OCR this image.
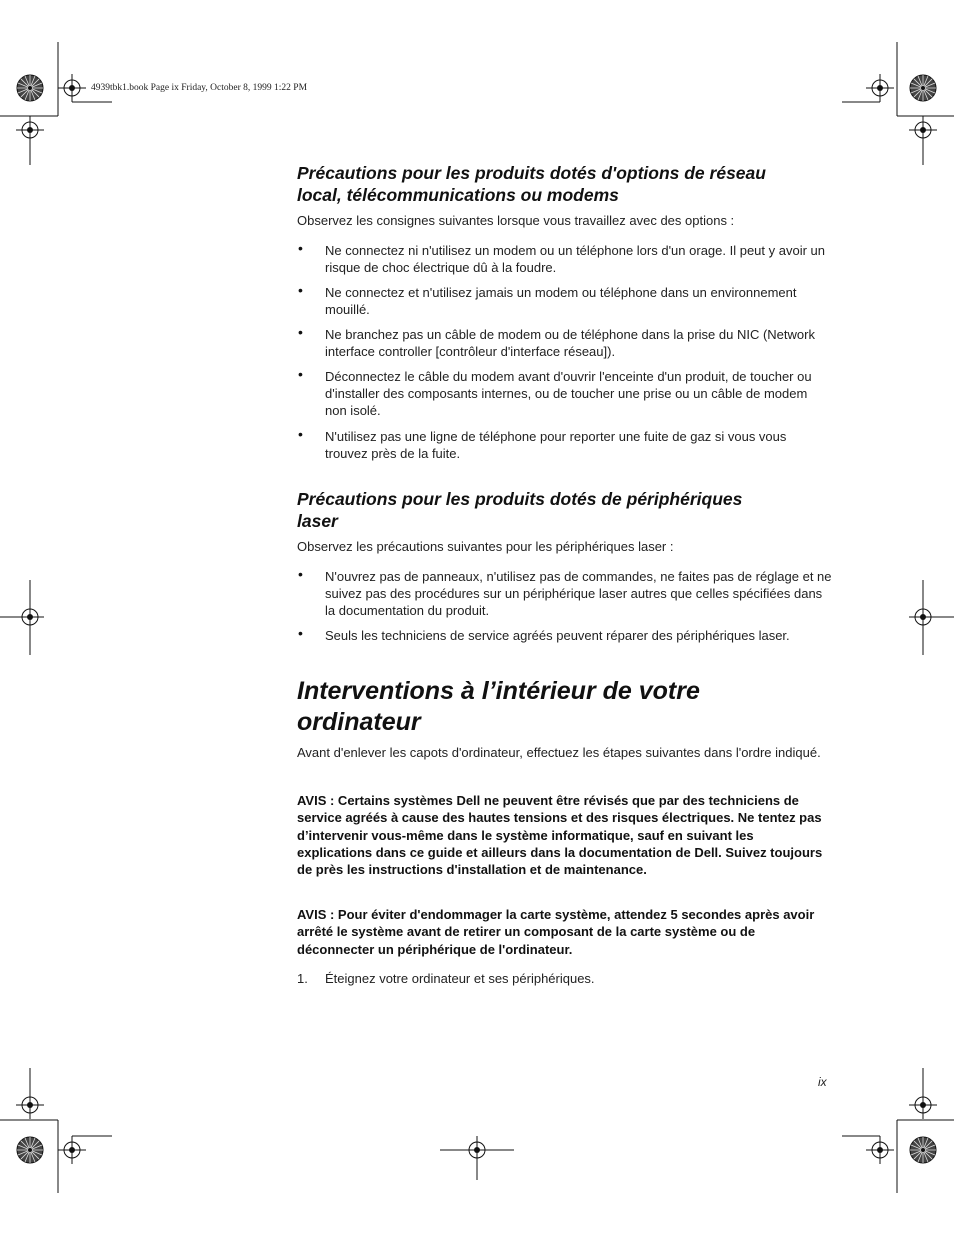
4939tbk1.book Page ix Friday, October 8, 1999 1:22 PM
Précautions pour les produits dotés d'options de réseau
local, télécommunications ou modems

Observez les consignes suivantes lorsque vous travaillez avec des options :

• Ne connectez ni n'utilisez un modem ou un téléphone lors d'un orage. Il peut y avoir un risque de choc électrique dû à la foudre.
• Ne connectez et n'utilisez jamais un modem ou téléphone dans un environnement mouillé.
• Ne branchez pas un câble de modem ou de téléphone dans la prise du NIC (Network interface controller [contrôleur d'interface réseau]).
• Déconnectez le câble du modem avant d'ouvrir l'enceinte d'un produit, de toucher ou d'installer des composants internes, ou de toucher une prise ou un câble de modem non isolé.
• N'utilisez pas une ligne de téléphone pour reporter une fuite de gaz si vous vous trouvez près de la fuite.
Précautions pour les produits dotés de périphériques
laser

Observez les précautions suivantes pour les périphériques laser :

• N'ouvrez pas de panneaux, n'utilisez pas de commandes, ne faites pas de réglage et ne suivez pas des procédures sur un périphérique laser autres que celles spécifiées dans la documentation du produit.
• Seuls les techniciens de service agréés peuvent réparer des périphériques laser.
Interventions à l’intérieur de votre
ordinateur

Avant d'enlever les capots d'ordinateur, effectuez les étapes suivantes dans l'ordre indiqué.

AVIS : Certains systèmes Dell ne peuvent être révisés que par des techniciens de service agréés à cause des hautes tensions et des risques électriques. Ne tentez pas d’intervenir vous-même dans le système informatique, sauf en suivant les explications dans ce guide et ailleurs dans la documentation de Dell. Suivez toujours de près les instructions d'installation et de maintenance.

AVIS : Pour éviter d'endommager la carte système, attendez 5 secondes après avoir arrêté le système avant de retirer un composant de la carte système ou de déconnecter un périphérique de l'ordinateur.

1. Éteignez votre ordinateur et ses périphériques.
ix
